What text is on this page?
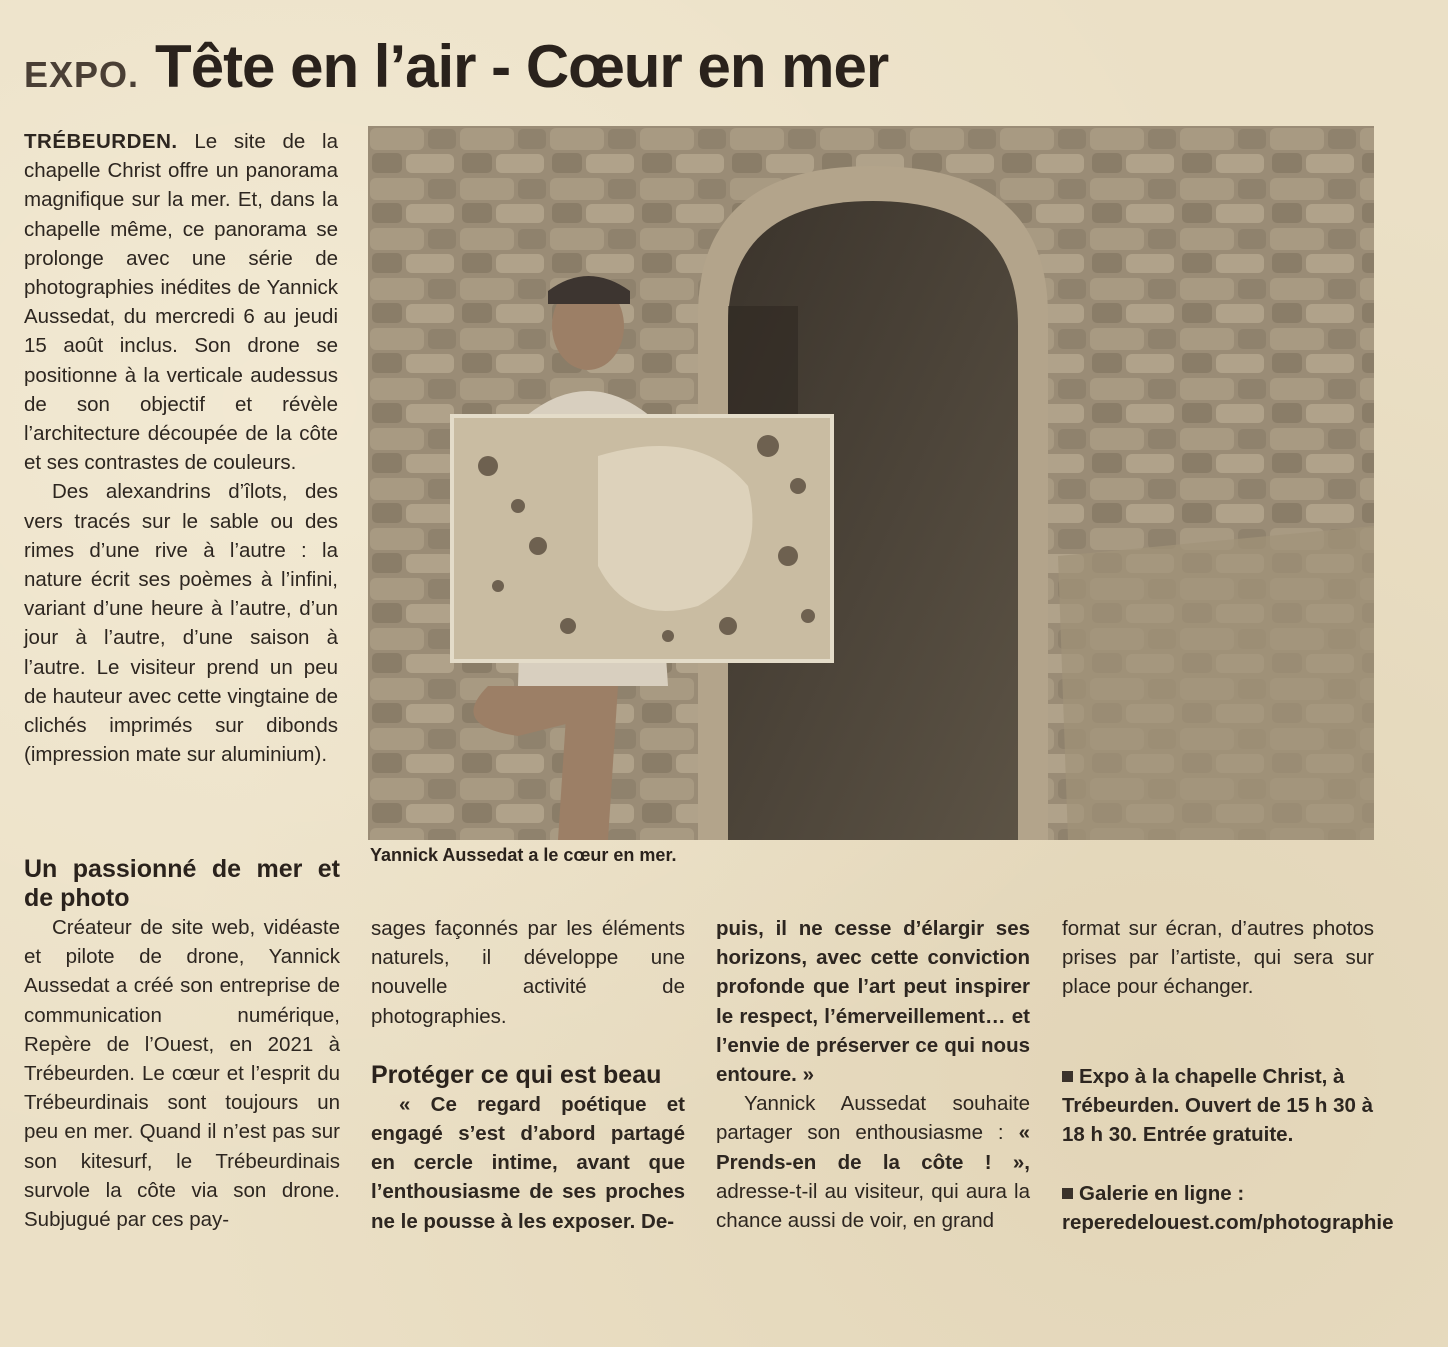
EXPO. Tête en l’air - Cœur en mer

TRÉBEURDEN. Le site de la chapelle Christ offre un panorama magnifique sur la mer. Et, dans la chapelle même, ce panorama se prolonge avec une série de photographies inédites de Yannick Aussedat, du mercredi 6 au jeudi 15 août inclus. Son drone se positionne à la verticale audessus de son objectif et révèle l’architecture découpée de la côte et ses contrastes de couleurs.

Des alexandrins d’îlots, des vers tracés sur le sable ou des rimes d’une rive à l’autre : la nature écrit ses poèmes à l’infini, variant d’une heure à l’autre, d’un jour à l’autre, d’une saison à l’autre. Le visiteur prend un peu de hauteur avec cette vingtaine de clichés imprimés sur dibonds (impression mate sur aluminium).

Un passionné de mer et de photo

Créateur de site web, vidéaste et pilote de drone, Yannick Aussedat a créé son entreprise de communication numérique, Repère de l’Ouest, en 2021 à Trébeurden. Le cœur et l’esprit du Trébeurdinais sont toujours un peu en mer. Quand il n’est pas sur son kitesurf, le Trébeurdinais survole la côte via son drone. Subjugué par ces pay-

Yannick Aussedat a le cœur en mer.

sages façonnés par les éléments naturels, il développe une nouvelle activité de photographies.

Protéger ce qui est beau

« Ce regard poétique et engagé s’est d’abord partagé en cercle intime, avant que l’enthousiasme de ses proches ne le pousse à les exposer. De-

puis, il ne cesse d’élargir ses horizons, avec cette conviction profonde que l’art peut inspirer le respect, l’émerveillement… et l’envie de préserver ce qui nous entoure. »

Yannick Aussedat souhaite partager son enthousiasme : « Prends-en de la côte ! », adresse-t-il au visiteur, qui aura la chance aussi de voir, en grand

format sur écran, d’autres photos prises par l’artiste, qui sera sur place pour échanger.

Expo à la chapelle Christ, à Trébeurden. Ouvert de 15 h 30 à 18 h 30. Entrée gratuite.

Galerie en ligne : reperedelouest.com/photographie
